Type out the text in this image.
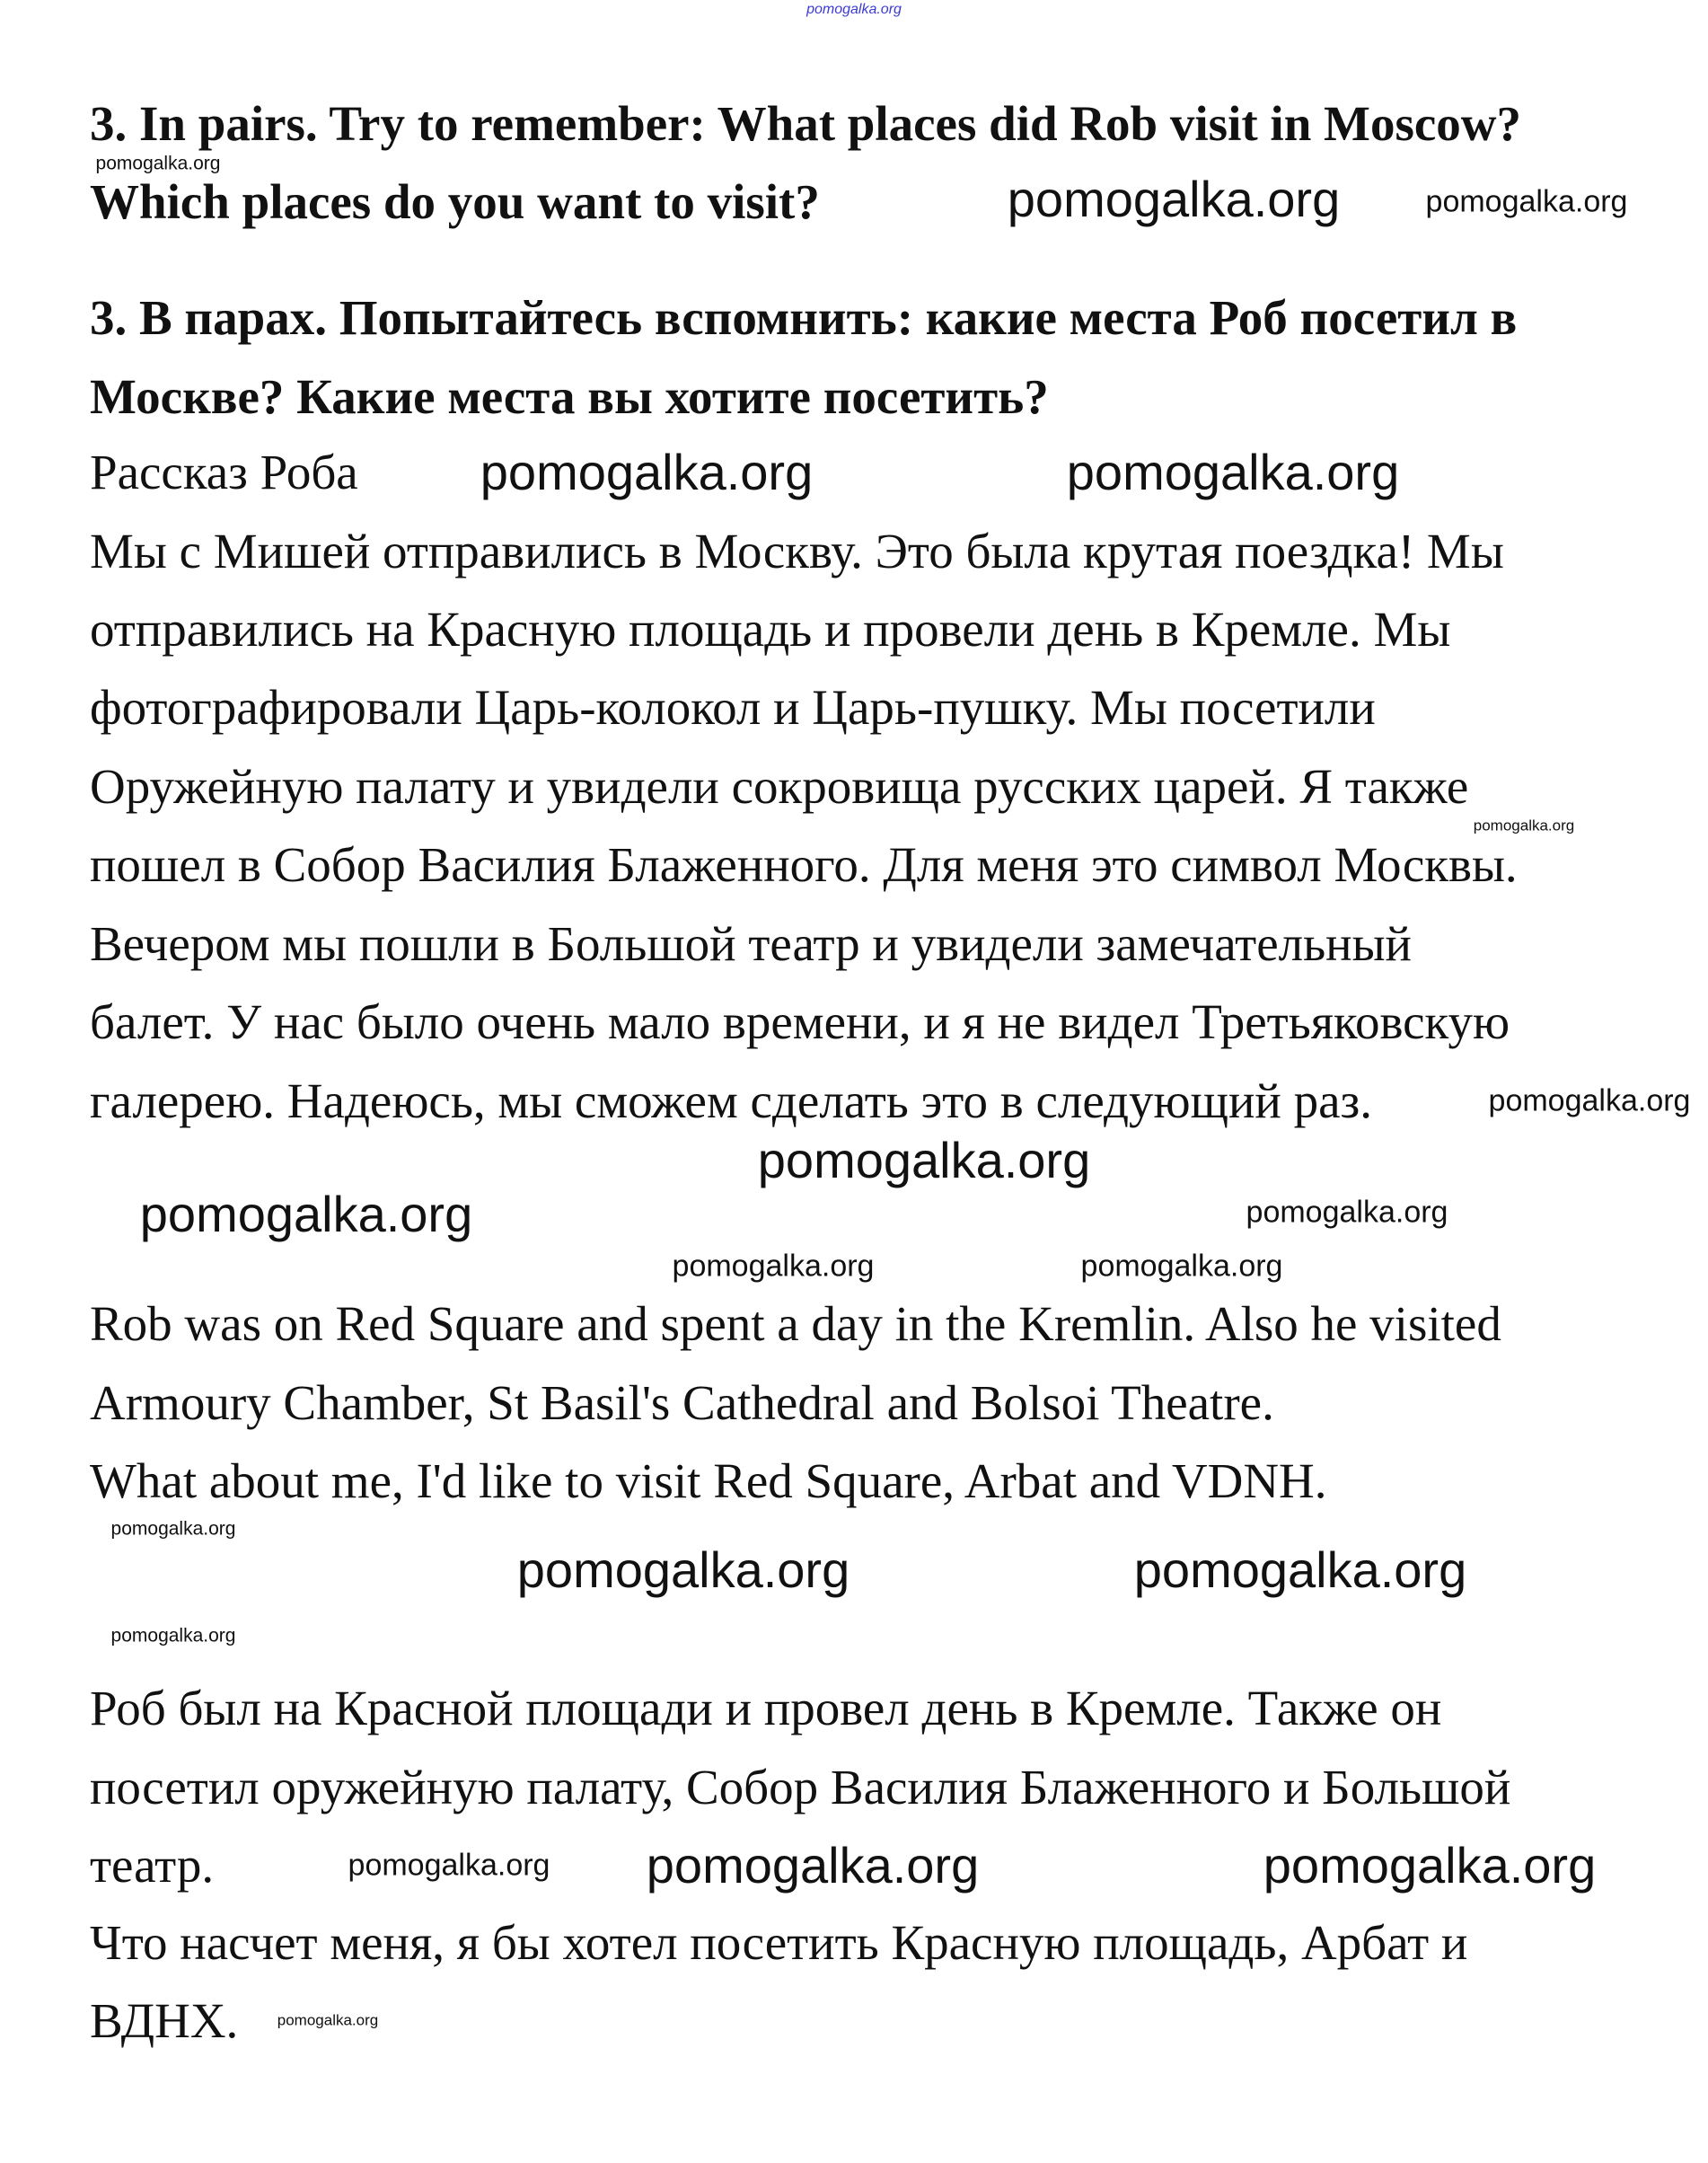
pomogalka.org
3. In pairs. Try to remember: What places did Rob visit in Moscow?
Which places do you want to visit?
3. В парах. Попытайтесь вспомнить: какие места Роб посетил в
Москве? Какие места вы хотите посетить?
Рассказ Роба
Мы с Мишей отправились в Москву. Это была крутая поездка! Мы
отправились на Красную площадь и провели день в Кремле. Мы
фотографировали Царь-колокол и Царь-пушку. Мы посетили
Оружейную палату и увидели сокровища русских царей. Я также
пошел в Собор Василия Блаженного. Для меня это символ Москвы.
Вечером мы пошли в Большой театр и увидели замечательный
балет. У нас было очень мало времени, и я не видел Третьяковскую
галерею. Надеюсь, мы сможем сделать это в следующий раз.
Rob was on Red Square and spent a day in the Kremlin. Also he visited
Armoury Chamber, St Basil's Cathedral and Bolsoi Theatre.
What about me, I'd like to visit Red Square, Arbat and VDNH.
Роб был на Красной площади и провел день в Кремле. Также он
посетил оружейную палату, Собор Василия Блаженного и Большой
театр.
Что насчет меня, я бы хотел посетить Красную площадь, Арбат и
ВДНХ.
pomogalka.org
pomogalka.org
pomogalka.org
pomogalka.org	pomogalka.org
pomogalka.org
pomogalka.org	pomogalka.org
pomogalka.org
pomogalka.org
pomogalka.org
pomogalka.org
pomogalka.org
pomogalka.org	pomogalka.org
pomogalka.org
pomogalka.org pomogalka.org	pomogalka.org
pomogalka.org
